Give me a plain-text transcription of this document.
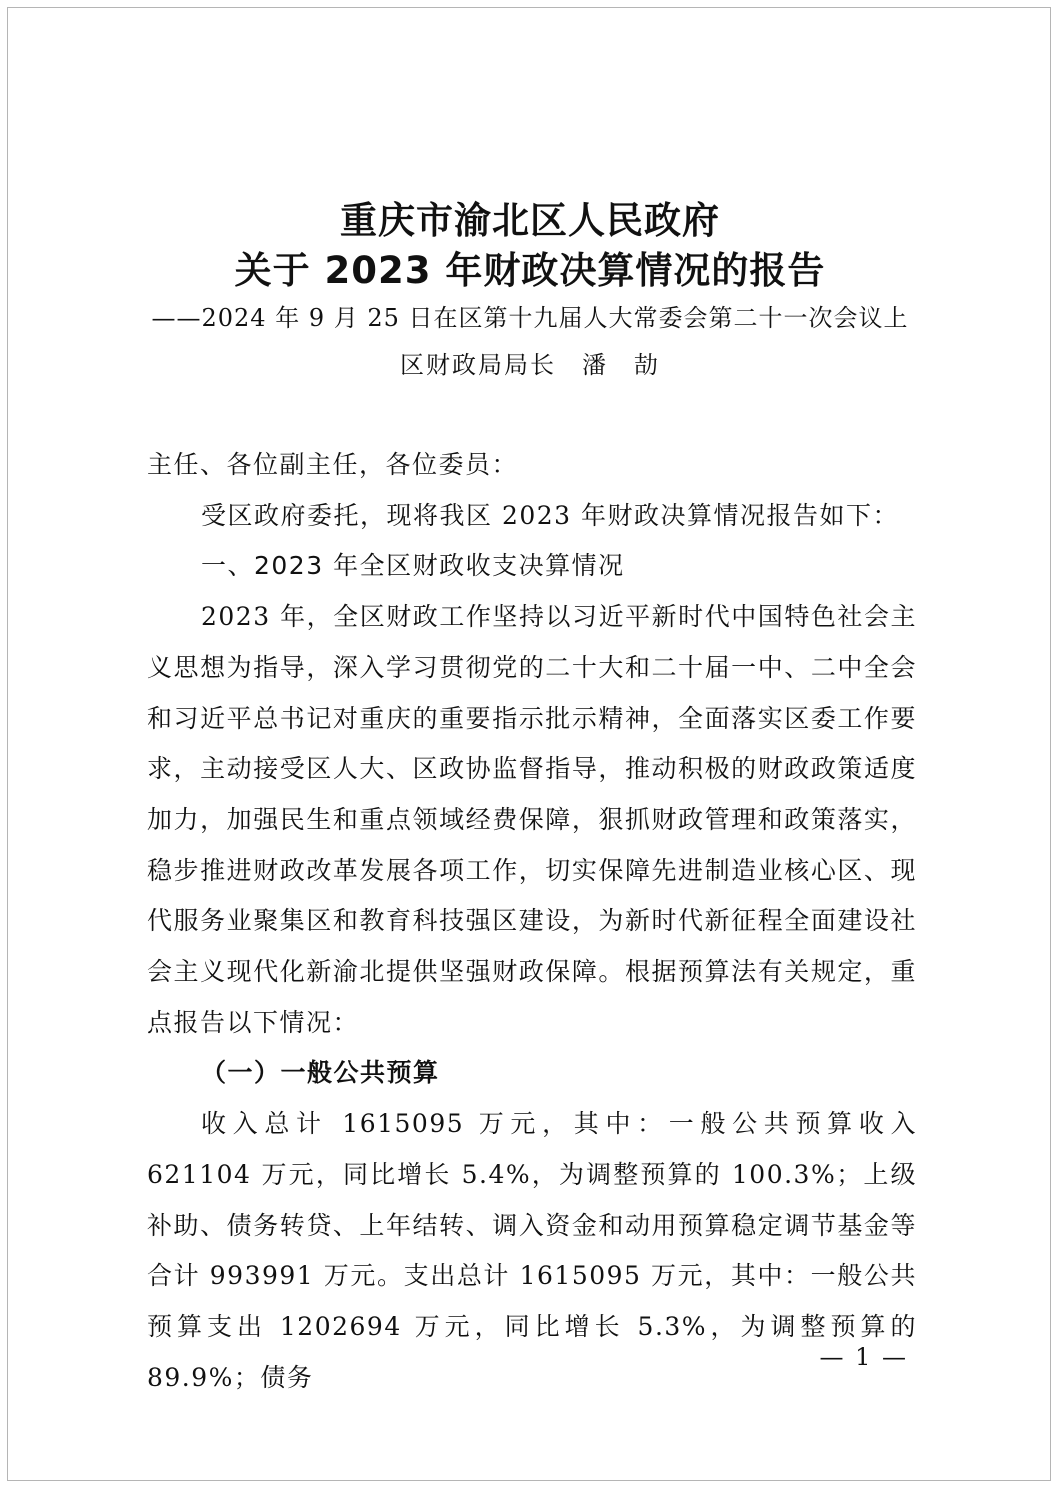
重庆市渝北区人民政府
关于 2023 年财政决算情况的报告

——2024 年 9 月 25 日在区第十九届人大常委会第二十一次会议上

区财政局局长　潘　劼

主任、各位副主任，各位委员：

受区政府委托，现将我区 2023 年财政决算情况报告如下：

一、2023 年全区财政收支决算情况

2023 年，全区财政工作坚持以习近平新时代中国特色社会主义思想为指导，深入学习贯彻党的二十大和二十届一中、二中全会和习近平总书记对重庆的重要指示批示精神，全面落实区委工作要求，主动接受区人大、区政协监督指导，推动积极的财政政策适度加力，加强民生和重点领域经费保障，狠抓财政管理和政策落实，稳步推进财政改革发展各项工作，切实保障先进制造业核心区、现代服务业聚集区和教育科技强区建设，为新时代新征程全面建设社会主义现代化新渝北提供坚强财政保障。根据预算法有关规定，重点报告以下情况：

（一）一般公共预算

收入总计 1615095 万元，其中：一般公共预算收入 621104 万元，同比增长 5.4%，为调整预算的 100.3%；上级补助、债务转贷、上年结转、调入资金和动用预算稳定调节基金等合计 993991 万元。支出总计 1615095 万元，其中：一般公共预算支出 1202694 万元，同比增长 5.3%，为调整预算的 89.9%；债务

— 1 —
